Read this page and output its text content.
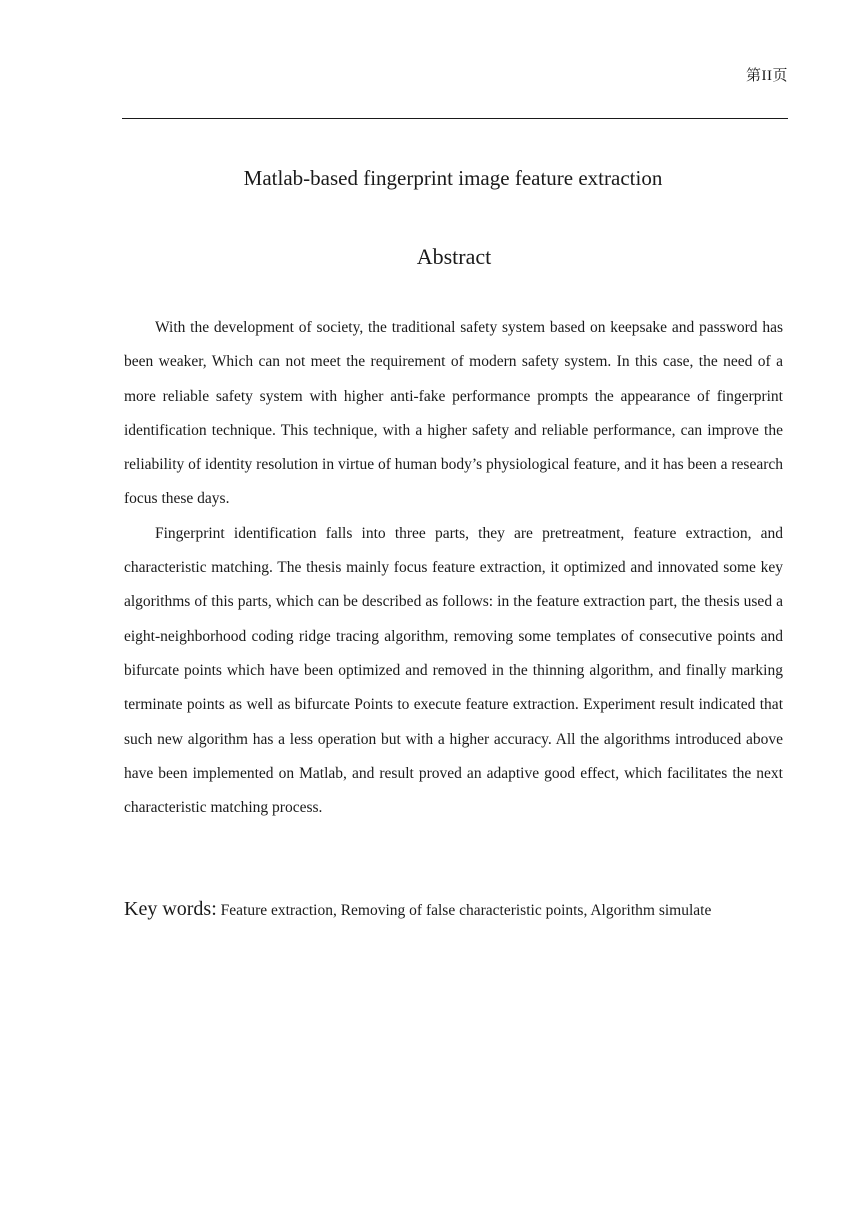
第II页
Matlab-based fingerprint image feature extraction
Abstract

With the development of society, the traditional safety system based on keepsake and password has been weaker, Which can not meet the requirement of modern safety system. In this case, the need of a more reliable safety system with higher anti-fake performance prompts the appearance of fingerprint identification technique. This technique, with a higher safety and reliable performance, can improve the reliability of identity resolution in virtue of human body’s physiological feature, and it has been a research focus these days.

Fingerprint identification falls into three parts, they are pretreatment, feature extraction, and characteristic matching. The thesis mainly focus feature extraction, it optimized and innovated some key algorithms of this parts, which can be described as follows: in the feature extraction part, the thesis used a eight-neighborhood coding ridge tracing algorithm, removing some templates of consecutive points and bifurcate points which have been optimized and removed in the thinning algorithm, and finally marking terminate points as well as bifurcate Points to execute feature extraction. Experiment result indicated that such new algorithm has a less operation but with a higher accuracy. All the algorithms introduced above have been implemented on Matlab, and result proved an adaptive good effect, which facilitates the next characteristic matching process.

Key words: Feature extraction, Removing of false characteristic points, Algorithm simulate
